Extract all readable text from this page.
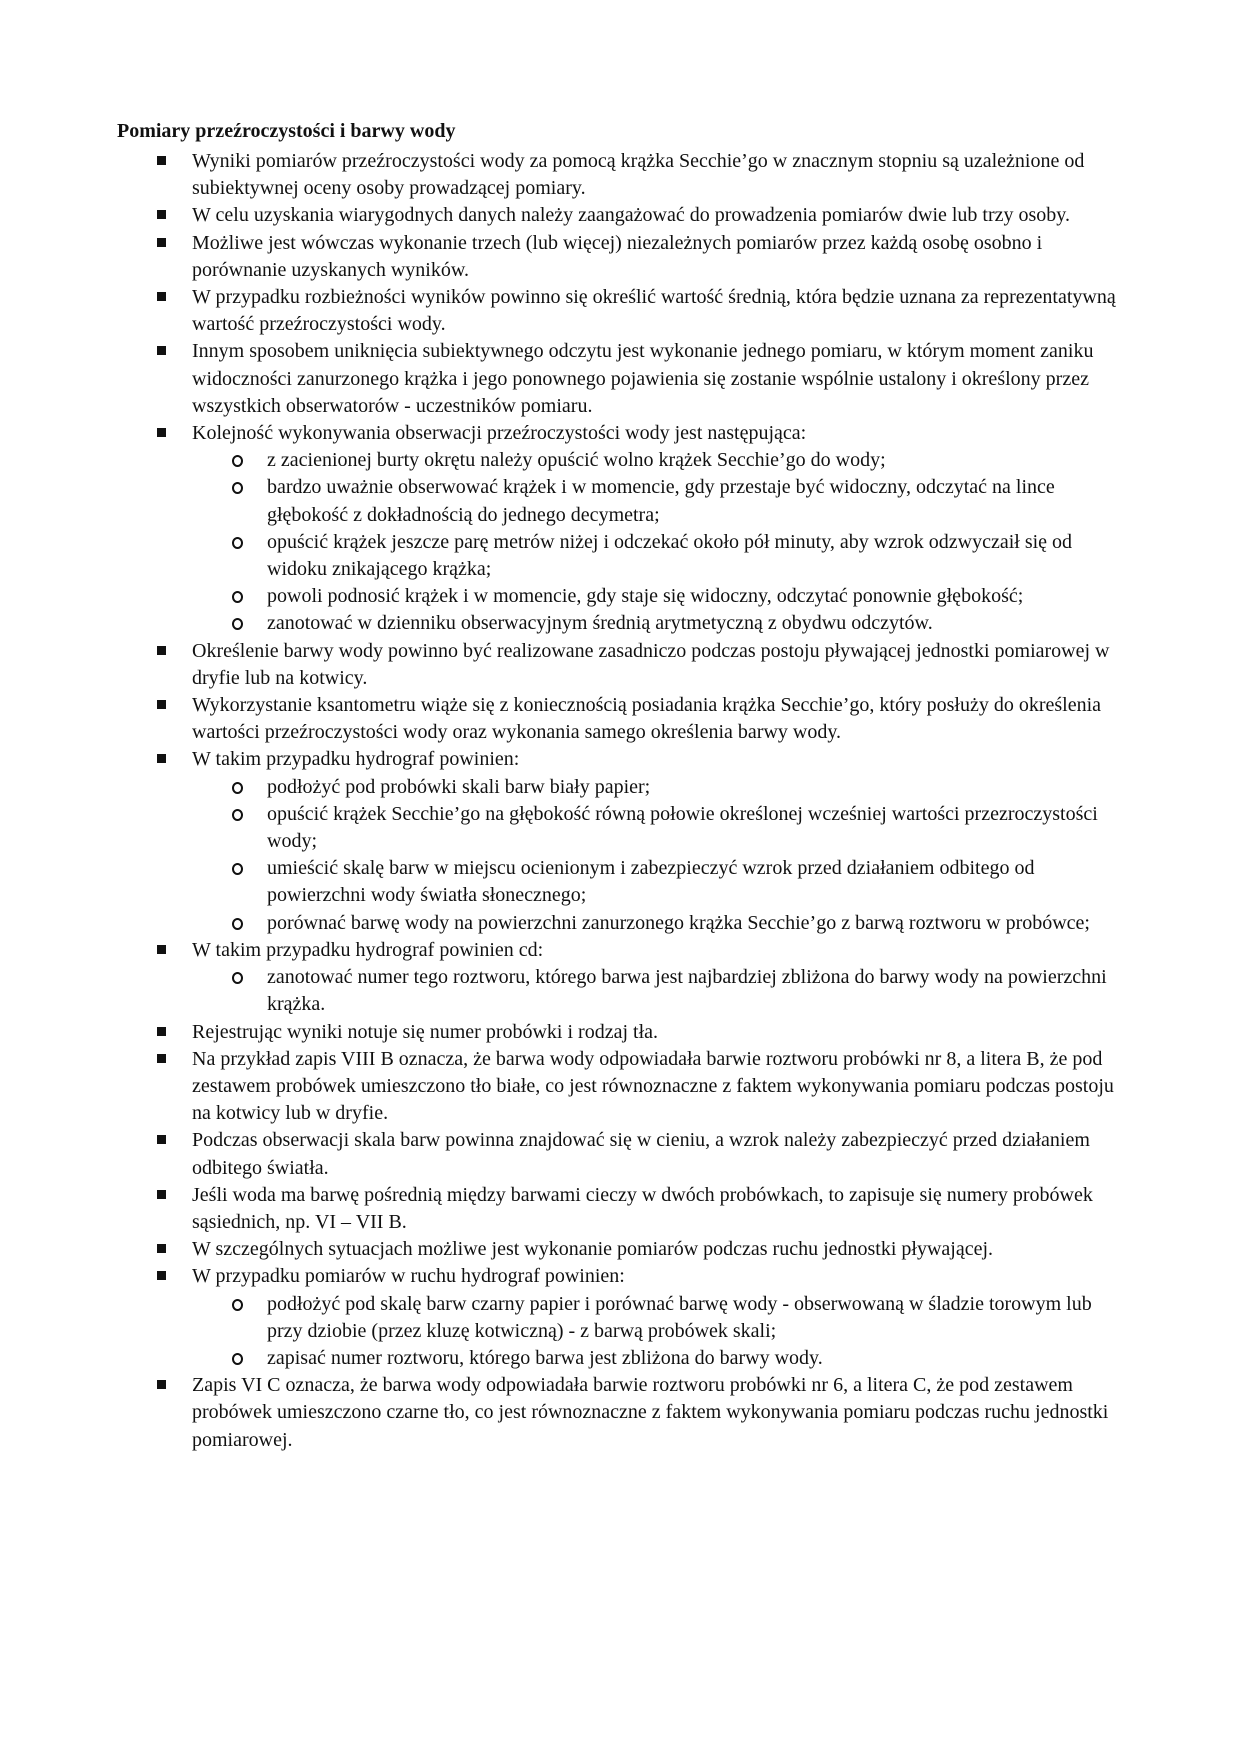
Pomiary przeźroczystości i barwy wody
Wyniki pomiarów przeźroczystości wody za pomocą krążka Secchie’go w znacznym stopniu są uzależnione od subiektywnej oceny osoby prowadzącej pomiary.
W celu uzyskania wiarygodnych danych należy zaangażować do prowadzenia pomiarów dwie lub trzy osoby.
Możliwe jest wówczas wykonanie trzech (lub więcej) niezależnych pomiarów przez każdą osobę osobno i porównanie uzyskanych wyników.
W przypadku rozbieżności wyników powinno się określić wartość średnią, która będzie uznana za reprezentatywną wartość przeźroczystości wody.
Innym sposobem uniknięcia subiektywnego odczytu jest wykonanie jednego pomiaru, w którym moment zaniku widoczności zanurzonego krążka i jego ponownego pojawienia się zostanie wspólnie ustalony i określony przez wszystkich obserwatorów - uczestników pomiaru.
Kolejność wykonywania obserwacji przeźroczystości wody jest następująca:
z zacienionej burty okrętu należy opuścić wolno krążek Secchie’go do wody;
bardzo uważnie obserwować krążek i w momencie, gdy przestaje być widoczny, odczytać na lince głębokość z dokładnością do jednego decymetra;
opuścić krążek jeszcze parę metrów niżej i odczekać około pół minuty, aby wzrok odzwyczaił się od widoku znikającego krążka;
powoli podnosić krążek i w momencie, gdy staje się widoczny, odczytać ponownie głębokość;
zanotować w dzienniku obserwacyjnym średnią arytmetyczną z obydwu odczytów.
Określenie barwy wody powinno być realizowane zasadniczo podczas postoju pływającej jednostki pomiarowej w dryfie lub na kotwicy.
Wykorzystanie ksantometru wiąże się z koniecznością posiadania krążka Secchie’go, który posłuży do określenia wartości przeźroczystości wody oraz wykonania samego określenia barwy wody.
W takim przypadku hydrograf powinien:
podłożyć pod probówki skali barw biały papier;
opuścić krążek Secchie’go na głębokość równą połowie określonej wcześniej wartości przezroczystości wody;
umieścić skalę barw w miejscu ocienionym i zabezpieczyć wzrok przed działaniem odbitego od powierzchni wody światła słonecznego;
porównać barwę wody na powierzchni zanurzonego krążka Secchie’go z barwą roztworu w probówce;
W takim przypadku hydrograf powinien cd:
zanotować numer tego roztworu, którego barwa jest najbardziej zbliżona do barwy wody na powierzchni krążka.
Rejestrując wyniki notuje się numer probówki i rodzaj tła.
Na przykład zapis VIII B oznacza, że barwa wody odpowiadała barwie roztworu probówki nr 8, a litera B, że pod zestawem probówek umieszczono tło białe, co jest równoznaczne z faktem wykonywania pomiaru podczas postoju na kotwicy lub w dryfie.
Podczas obserwacji skala barw powinna znajdować się w cieniu, a wzrok należy zabezpieczyć przed działaniem odbitego światła.
Jeśli woda ma barwę pośrednią między barwami cieczy w dwóch probówkach, to zapisuje się numery probówek sąsiednich, np. VI – VII B.
W szczególnych sytuacjach możliwe jest wykonanie pomiarów podczas ruchu jednostki pływającej.
W przypadku pomiarów w ruchu hydrograf powinien:
podłożyć pod skalę barw czarny papier i porównać barwę wody - obserwowaną w śladzie torowym lub przy dziobie (przez kluzę kotwiczną) - z barwą probówek skali;
zapisać numer roztworu, którego barwa jest zbliżona do barwy wody.
Zapis VI C oznacza, że barwa wody odpowiadała barwie roztworu probówki nr 6, a litera C, że pod zestawem probówek umieszczono czarne tło, co jest równoznaczne z faktem wykonywania pomiaru podczas ruchu jednostki pomiarowej.
